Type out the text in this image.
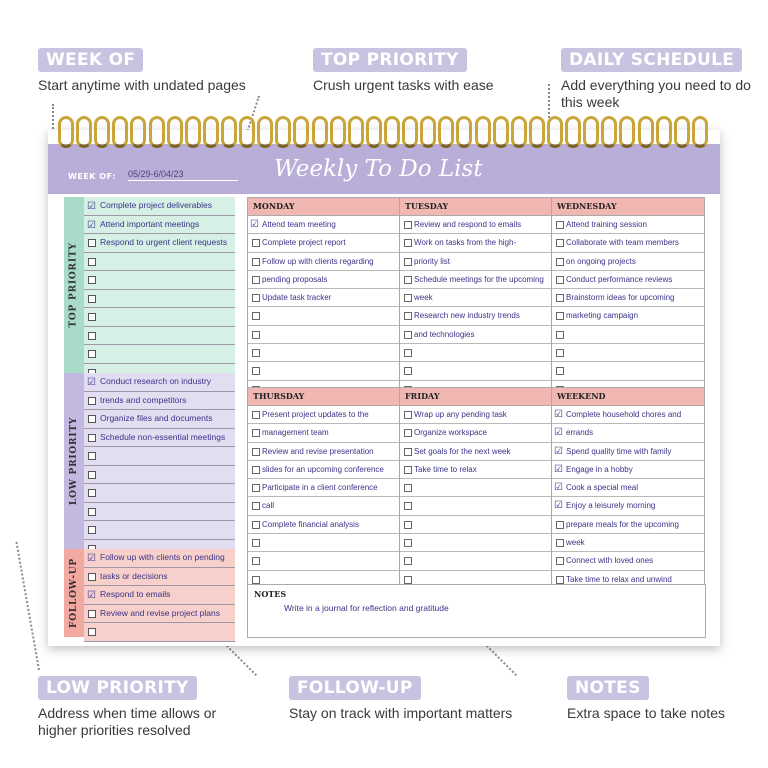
WEEK OF
Start anytime with undated pages
TOP PRIORITY
Crush urgent tasks with ease
DAILY SCHEDULE
Add everything you need to do this week
LOW PRIORITY
Address when time allows or higher priorities resolved
FOLLOW-UP
Stay on track with important matters
NOTES
Extra space to take notes
WEEK OF: 05/29-6/04/23	Weekly To Do List
TOP PRIORITY
☑ Complete project deliverables
☑ Attend important meetings
Respond to urgent client requests
LOW PRIORITY
☑ Conduct research on industry
trends and competitors
Organize files and documents
Schedule non-essential meetings
FOLLOW-UP ☑ Follow up with clients on pending
tasks or decisions
☑ Respond to emails
Review and revise project plans
MONDAY
☑ Attend team meeting
Complete project report
Follow up with clients regarding
pending proposals
Update task tracker
TUESDAY
Review and respond to emails
Work on tasks from the high-
priority list
Schedule meetings for the upcoming
week
Research new industry trends
and technologies
WEDNESDAY
Attend training session
Collaborate with team members
on ongoing projects
Conduct performance reviews
Brainstorm ideas for upcoming
marketing campaign
THURSDAY
Present project updates to the
management team
Review and revise presentation
slides for an upcoming conference
Participate in a client conference
call
Complete financial analysis
FRIDAY
Wrap up any pending task
Organize workspace
Set goals for the next week
Take time to relax
WEEKEND
☑ Complete household chores and
☑ errands
☑ Spend quality time with family
☑ Engage in a hobby
☑ Cook a special meal
☑ Enjoy a leisurely morning
prepare meals for the upcoming
week
Connect with loved ones
Take time to relax and unwind
NOTES
Write in a journal for reflection and gratitude
